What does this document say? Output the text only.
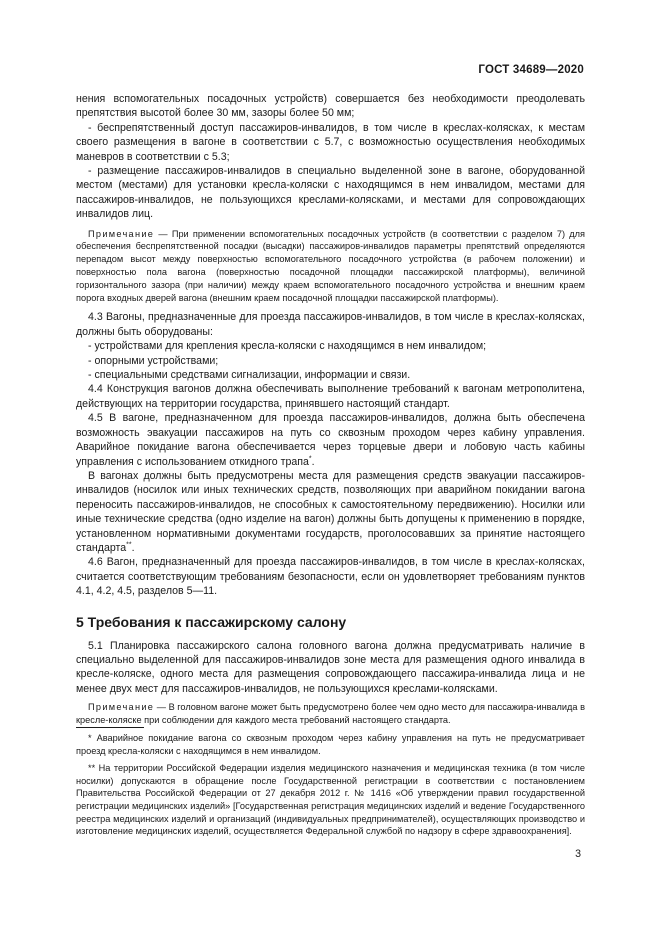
ГОСТ 34689—2020

нения вспомогательных посадочных устройств) совершается без необходимости преодолевать препятствия высотой более 30 мм, зазоры более 50 мм;

- беспрепятственный доступ пассажиров-инвалидов, в том числе в креслах-колясках, к местам своего размещения в вагоне в соответствии с 5.7, с возможностью осуществления необходимых маневров в соответствии с 5.3;

- размещение пассажиров-инвалидов в специально выделенной зоне в вагоне, оборудованной местом (местами) для установки кресла-коляски с находящимся в нем инвалидом, местами для пассажиров-инвалидов, не пользующихся креслами-колясками, и местами для сопровождающих инвалидов лиц.

Примечание — При применении вспомогательных посадочных устройств (в соответствии с разделом 7) для обеспечения беспрепятственной посадки (высадки) пассажиров-инвалидов параметры препятствий определяются перепадом высот между поверхностью вспомогательного посадочного устройства (в рабочем положении) и поверхностью пола вагона (поверхностью посадочной площадки пассажирской платформы), величиной горизонтального зазора (при наличии) между краем вспомогательного посадочного устройства и внешним краем порога входных дверей вагона (внешним краем посадочной площадки пассажирской платформы).

4.3 Вагоны, предназначенные для проезда пассажиров-инвалидов, в том числе в креслах-колясках, должны быть оборудованы:

- устройствами для крепления кресла-коляски с находящимся в нем инвалидом;

- опорными устройствами;

- специальными средствами сигнализации, информации и связи.

4.4 Конструкция вагонов должна обеспечивать выполнение требований к вагонам метрополитена, действующих на территории государства, принявшего настоящий стандарт.

4.5 В вагоне, предназначенном для проезда пассажиров-инвалидов, должна быть обеспечена возможность эвакуации пассажиров на путь со сквозным проходом через кабину управления. Аварийное покидание вагона обеспечивается через торцевые двери и лобовую часть кабины управления с использованием откидного трапа*.

В вагонах должны быть предусмотрены места для размещения средств эвакуации пассажиров-инвалидов (носилок или иных технических средств, позволяющих при аварийном покидании вагона переносить пассажиров-инвалидов, не способных к самостоятельному передвижению). Носилки или иные технические средства (одно изделие на вагон) должны быть допущены к применению в порядке, установленном нормативными документами государств, проголосовавших за принятие настоящего стандарта**.

4.6 Вагон, предназначенный для проезда пассажиров-инвалидов, в том числе в креслах-колясках, считается соответствующим требованиям безопасности, если он удовлетворяет требованиям пунктов 4.1, 4.2, 4.5, разделов 5—11.

5 Требования к пассажирскому салону

5.1 Планировка пассажирского салона головного вагона должна предусматривать наличие в специально выделенной для пассажиров-инвалидов зоне места для размещения одного инвалида в кресле-коляске, одного места для размещения сопровождающего пассажира-инвалида лица и не менее двух мест для пассажиров-инвалидов, не пользующихся креслами-колясками.

Примечание — В головном вагоне может быть предусмотрено более чем одно место для пассажира-инвалида в кресле-коляске при соблюдении для каждого места требований настоящего стандарта.

* Аварийное покидание вагона со сквозным проходом через кабину управления на путь не предусматривает проезд кресла-коляски с находящимся в нем инвалидом.

** На территории Российской Федерации изделия медицинского назначения и медицинская техника (в том числе носилки) допускаются в обращение после Государственной регистрации в соответствии с постановлением Правительства Российской Федерации от 27 декабря 2012 г. № 1416 «Об утверждении правил государственной регистрации медицинских изделий» [Государственная регистрация медицинских изделий и ведение Государственного реестра медицинских изделий и организаций (индивидуальных предпринимателей), осуществляющих производство и изготовление медицинских изделий, осуществляется Федеральной службой по надзору в сфере здравоохранения].

3
